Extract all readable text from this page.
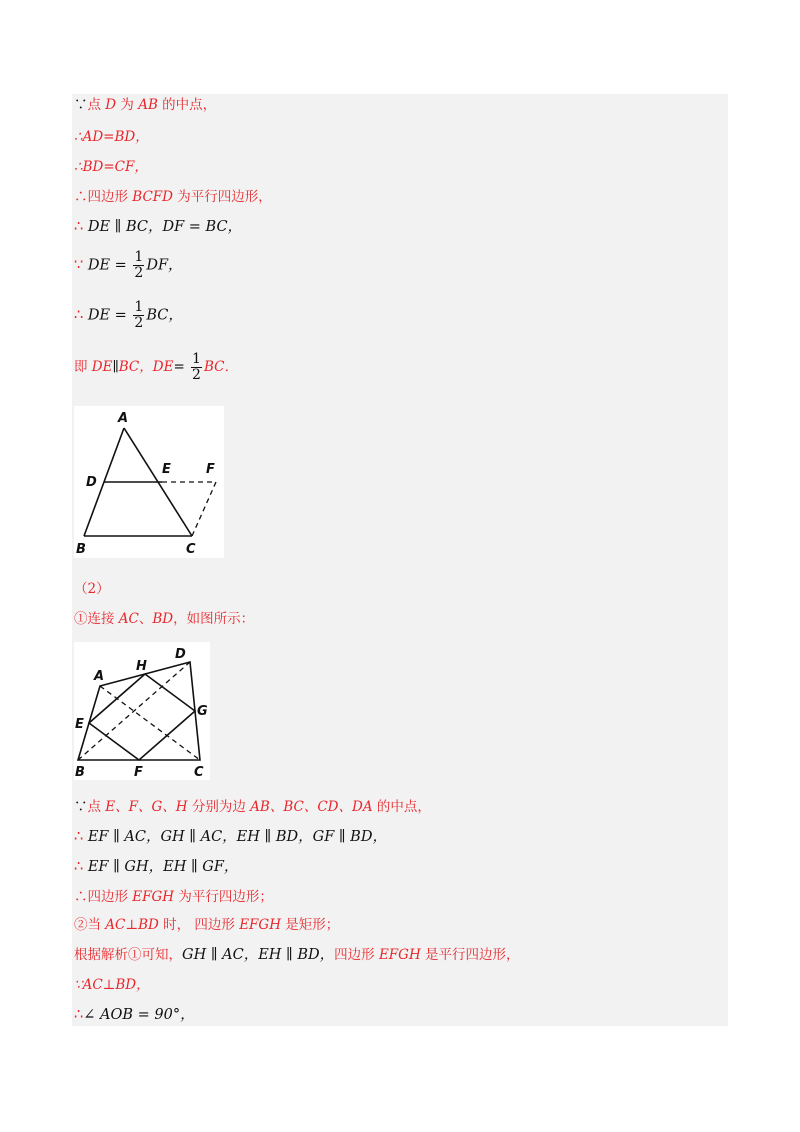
∵点 D 为 AB 的中点，
∴AD=BD，
∴BD=CF，
∴四边形 BCFD 为平行四边形，
∴ DE ∥ BC，DF = BC，
∵ DE = $\frac{1}{2}$ DF，
∴ DE = $\frac{1}{2}$ BC，
即 DE∥BC，$DE= \frac{1}{2}$ BC．
A
D
E	F
B	C
（2）
①连接 AC、BD，如图所示：
A
H
D
E
G
B	F	C
∵点 E、F、G、H 分别为边 AB、BC、CD、DA 的中点，
∴ EF ∥ AC，GH ∥ AC，EH ∥ BD，GF ∥ BD，
∴ EF ∥ GH，EH ∥ GF，
∴四边形 EFGH 为平行四边形；
②当 AC⊥BD 时， 四边形 EFGH 是矩形；
根据解析①可知，GH ∥ AC，EH ∥ BD，四边形 EFGH 是平行四边形，
∵AC⊥BD，
∴∠ AOB = 90°，
